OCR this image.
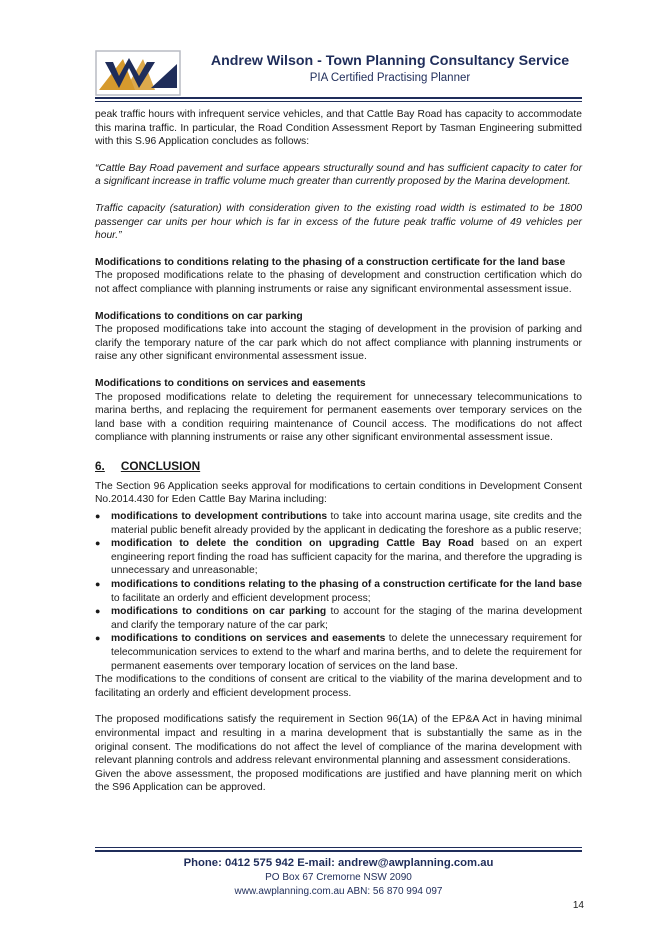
Andrew Wilson - Town Planning Consultancy Service
PIA Certified Practising Planner

peak traffic hours with infrequent service vehicles, and that Cattle Bay Road has capacity to accommodate this marina traffic. In particular, the Road Condition Assessment Report by Tasman Engineering submitted with this S.96 Application concludes as follows:

“Cattle Bay Road pavement and surface appears structurally sound and has sufficient capacity to cater for a significant increase in traffic volume much greater than currently proposed by the Marina development.

Traffic capacity (saturation) with consideration given to the existing road width is estimated to be 1800 passenger car units per hour which is far in excess of the future peak traffic volume of 49 vehicles per hour.”

Modifications to conditions relating to the phasing of a construction certificate for the land base

The proposed modifications relate to the phasing of development and construction certification which do not affect compliance with planning instruments or raise any significant environmental assessment issue.

Modifications to conditions on car parking

The proposed modifications take into account the staging of development in the provision of parking and clarify the temporary nature of the car park which do not affect compliance with planning instruments or raise any other significant environmental assessment issue.

Modifications to conditions on services and easements

The proposed modifications relate to deleting the requirement for unnecessary telecommunications to marina berths, and replacing the requirement for permanent easements over temporary services on the land base with a condition requiring maintenance of Council access. The modifications do not affect compliance with planning instruments or raise any other significant environmental assessment issue.

6. CONCLUSION

The Section 96 Application seeks approval for modifications to certain conditions in Development Consent No.2014.430 for Eden Cattle Bay Marina including:

● modifications to development contributions to take into account marina usage, site credits and the material public benefit already provided by the applicant in dedicating the foreshore as a public reserve;
● modification to delete the condition on upgrading Cattle Bay Road based on an expert engineering report finding the road has sufficient capacity for the marina, and therefore the upgrading is unnecessary and unreasonable;
● modifications to conditions relating to the phasing of a construction certificate for the land base to facilitate an orderly and efficient development process;
● modifications to conditions on car parking to account for the staging of the marina development and clarify the temporary nature of the car park;
● modifications to conditions on services and easements to delete the unnecessary requirement for telecommunication services to extend to the wharf and marina berths, and to delete the requirement for permanent easements over temporary location of services on the land base.

The modifications to the conditions of consent are critical to the viability of the marina development and to facilitating an orderly and efficient development process.

The proposed modifications satisfy the requirement in Section 96(1A) of the EP&A Act in having minimal environmental impact and resulting in a marina development that is substantially the same as in the original consent. The modifications do not affect the level of compliance of the marina development with relevant planning controls and address relevant environmental planning and assessment considerations.

Given the above assessment, the proposed modifications are justified and have planning merit on which the S96 Application can be approved.

Phone: 0412 575 942 E-mail: andrew@awplanning.com.au
PO Box 67 Cremorne NSW 2090
www.awplanning.com.au ABN: 56 870 994 097
14
